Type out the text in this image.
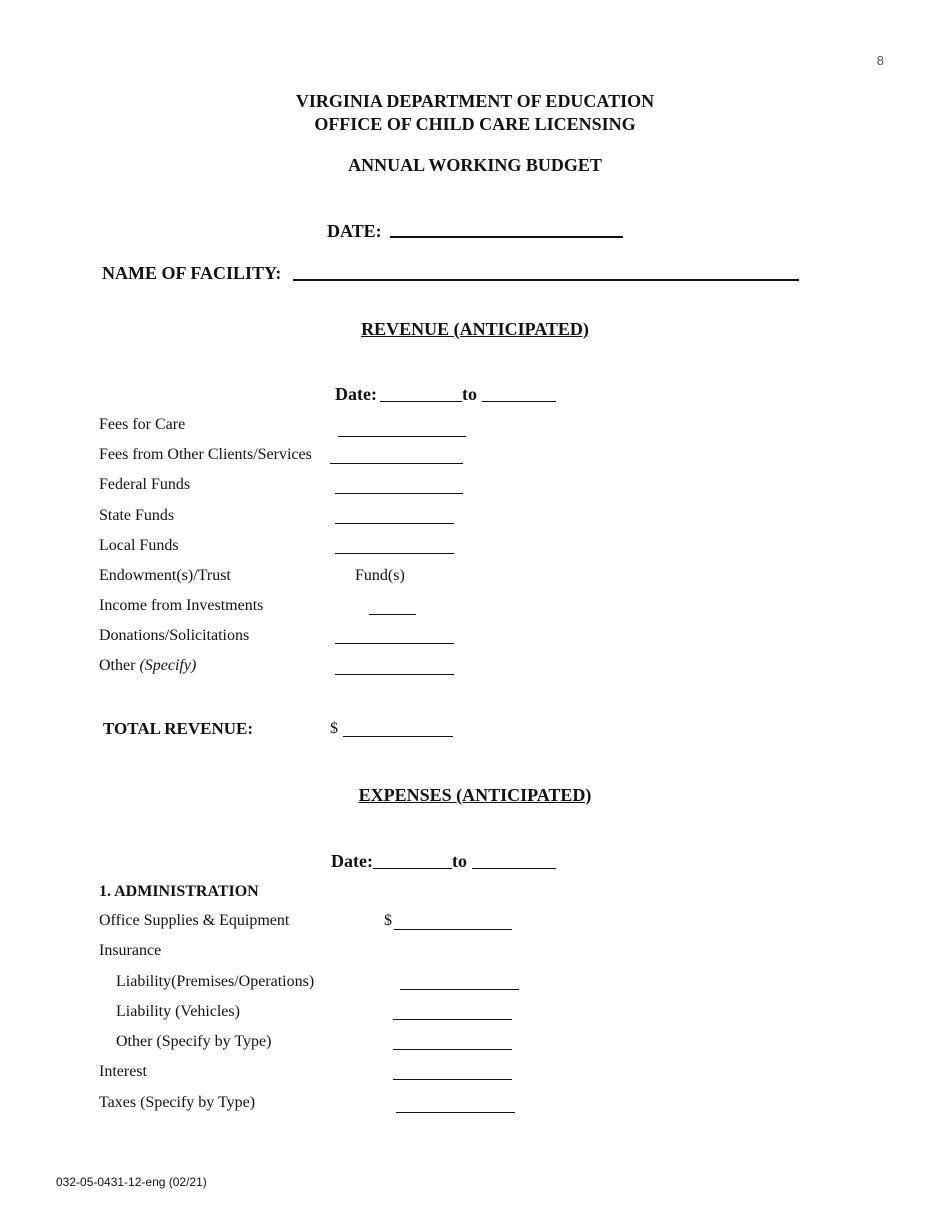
8
VIRGINIA DEPARTMENT OF EDUCATION
OFFICE OF CHILD CARE LICENSING
ANNUAL WORKING BUDGET
DATE:
NAME OF FACILITY:
REVENUE (ANTICIPATED)
Date:	to
Fees for Care
Fees from Other Clients/Services
Federal Funds
State Funds
Local Funds
Endowment(s)/Trust	Fund(s)
Income from Investments
Donations/Solicitations
Other (Specify)
TOTAL REVENUE:	$
EXPENSES (ANTICIPATED)
Date:	to
1. ADMINISTRATION
Office Supplies & Equipment	$
Insurance
Liability(Premises/Operations)
Liability (Vehicles)
Other (Specify by Type)
Interest
Taxes (Specify by Type)
032-05-0431-12-eng (02/21)
